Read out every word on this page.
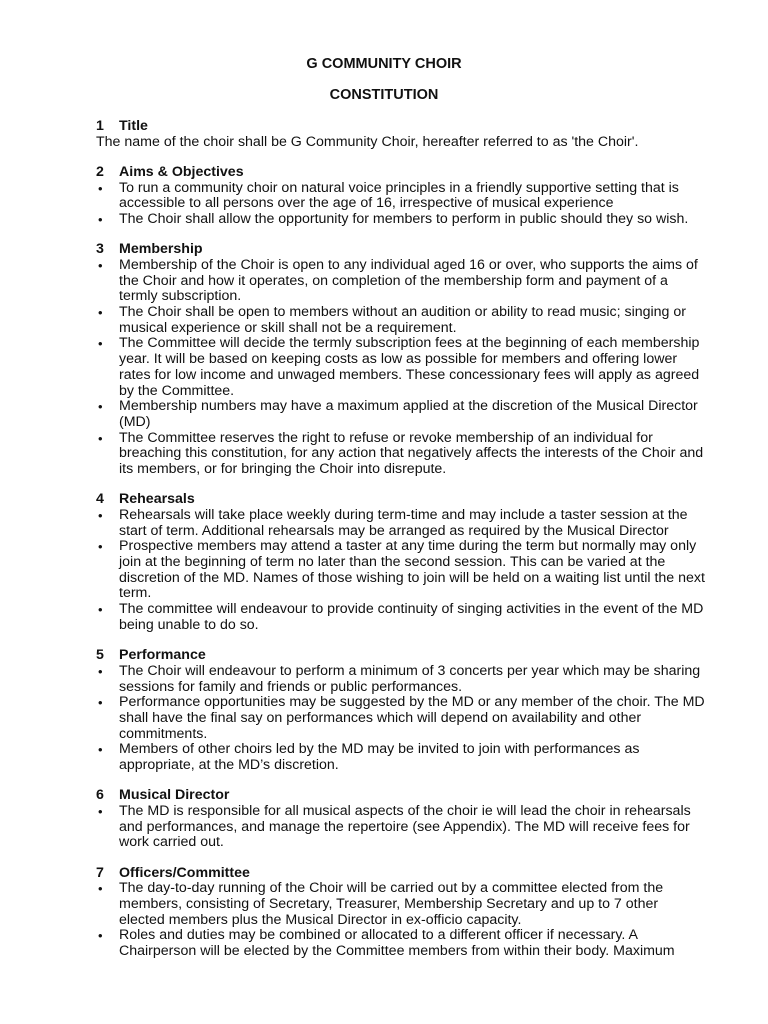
G COMMUNITY CHOIR
CONSTITUTION
1	Title

The name of the choir shall be G Community Choir, hereafter referred to as 'the Choir'.

2	Aims & Objectives
• To run a community choir on natural voice principles in a friendly supportive setting that is accessible to all persons over the age of 16, irrespective of musical experience
• The Choir shall allow the opportunity for members to perform in public should they so wish.
3	Membership
• Membership of the Choir is open to any individual aged 16 or over, who supports the aims of the Choir and how it operates, on completion of the membership form and payment of a termly subscription.
• The Choir shall be open to members without an audition or ability to read music; singing or musical experience or skill shall not be a requirement.
• The Committee will decide the termly subscription fees at the beginning of each membership year. It will be based on keeping costs as low as possible for members and offering lower rates for low income and unwaged members. These concessionary fees will apply as agreed by the Committee.
• Membership numbers may have a maximum applied at the discretion of the Musical Director (MD)
• The Committee reserves the right to refuse or revoke membership of an individual for breaching this constitution, for any action that negatively affects the interests of the Choir and its members, or for bringing the Choir into disrepute.
4	Rehearsals
• Rehearsals will take place weekly during term-time and may include a taster session at the start of term. Additional rehearsals may be arranged as required by the Musical Director
• Prospective members may attend a taster at any time during the term but normally may only join at the beginning of term no later than the second session. This can be varied at the discretion of the MD. Names of those wishing to join will be held on a waiting list until the next term.
• The committee will endeavour to provide continuity of singing activities in the event of the MD being unable to do so.
5	Performance
• The Choir will endeavour to perform a minimum of 3 concerts per year which may be sharing sessions for family and friends or public performances.
• Performance opportunities may be suggested by the MD or any member of the choir. The MD shall have the final say on performances which will depend on availability and other commitments.
• Members of other choirs led by the MD may be invited to join with performances as appropriate, at the MD’s discretion.
6	Musical Director
• The MD is responsible for all musical aspects of the choir ie will lead the choir in rehearsals and performances, and manage the repertoire (see Appendix). The MD will receive fees for work carried out.
7	Officers/Committee
• The day-to-day running of the Choir will be carried out by a committee elected from the members, consisting of Secretary, Treasurer, Membership Secretary and up to 7 other elected members plus the Musical Director in ex-officio capacity.
• Roles and duties may be combined or allocated to a different officer if necessary. A Chairperson will be elected by the Committee members from within their body. Maximum
